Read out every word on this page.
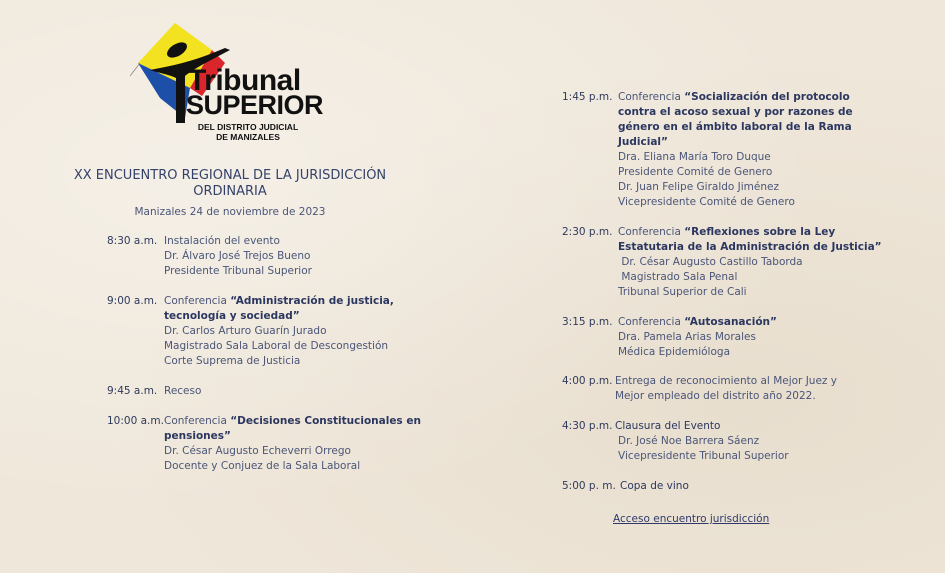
Tribunal
SUPERIOR
DEL DISTRITO JUDICIAL
DE MANIZALES
XX ENCUENTRO REGIONAL DE LA JURISDICCIÓN
ORDINARIA
Manizales 24 de noviembre de 2023
8:30 a.m. Instalación del evento
Dr. Álvaro José Trejos Bueno
Presidente Tribunal Superior
9:00 a.m. Conferencia “Administración de justicia,
tecnología y sociedad”
Dr. Carlos Arturo Guarín Jurado
Magistrado Sala Laboral de Descongestión
Corte Suprema de Justicia
9:45 a.m. Receso
10:00 a.m. Conferencia “Decisiones Constitucionales en
pensiones”
Dr. César Augusto Echeverri Orrego
Docente y Conjuez de la Sala Laboral
1:45 p.m. Conferencia “Socialización del protocolo
contra el acoso sexual y por razones de
género en el ámbito laboral de la Rama
Judicial”
Dra. Eliana María Toro Duque
Presidente Comité de Genero
Dr. Juan Felipe Giraldo Jiménez
Vicepresidente Comité de Genero
2:30 p.m. Conferencia “Reflexiones sobre la Ley
Estatutaria de la Administración de Justicia”
Dr. César Augusto Castillo Taborda
Magistrado Sala Penal
Tribunal Superior de Cali
3:15 p.m. Conferencia “Autosanación”
Dra. Pamela Arias Morales
Médica Epidemióloga
4:00 p.m. Entrega de reconocimiento al Mejor Juez y
Mejor empleado del distrito año 2022.
4:30 p.m. Clausura del Evento
Dr. José Noe Barrera Sáenz
Vicepresidente Tribunal Superior
5:00 p. m. Copa de vino
Acceso encuentro jurisdicción
